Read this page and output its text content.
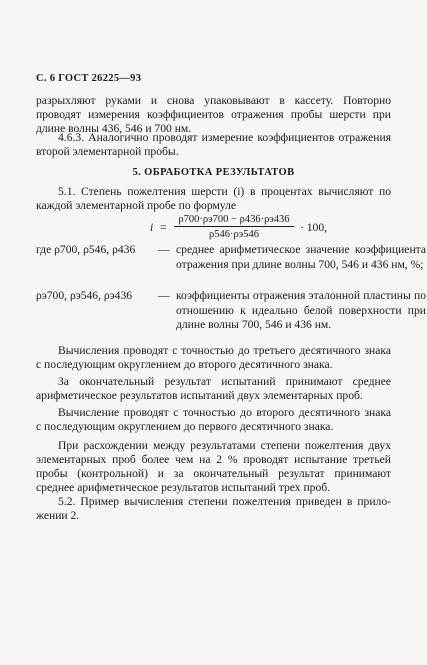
С. 6 ГОСТ 26225—93
разрыхляют руками и снова упаковывают в кассету. Повторно
проводят измерения коэффициентов отражения пробы шерсти при
длине волны 436, 546 и 700 нм.
4.6.3. Аналогично проводят измерение коэффициентов отражения
второй элементарной пробы.
5. ОБРАБОТКА РЕЗУЛЬТАТОВ
5.1. Степень пожелтения шерсти (i) в процентах вычисляют по
каждой элементарной пробе по формуле
i =
ρ700·ρэ700 − ρ436·ρэ436
ρ546·ρэ546
· 100,
где ρ700, ρ546, ρ436 — среднее арифметическое значение коэффициента отражения при длине волны 700, 546 и 436 нм, %;
ρэ700, ρэ546, ρэ436 — коэффициенты отражения эталонной пластины по отношению к идеально белой поверхности при длине волны 700, 546 и 436 нм.
Вычисления проводят с точностью до третьего десятичного знака
с последующим округлением до второго десятичного знака.
За окончательный результат испытаний принимают среднее
арифметическое результатов испытаний двух элементарных проб.
Вычисление проводят с точностью до второго десятичного знака
с последующим округлением до первого десятичного знака.
При расхождении между результатами степени пожелтения двух
элементарных проб более чем на 2 % проводят испытание третьей
пробы (контрольной) и за окончательный результат принимают
среднее арифметическое результатов испытаний трех проб.
5.2. Пример вычисления степени пожелтения приведен в прило-
жении 2.
